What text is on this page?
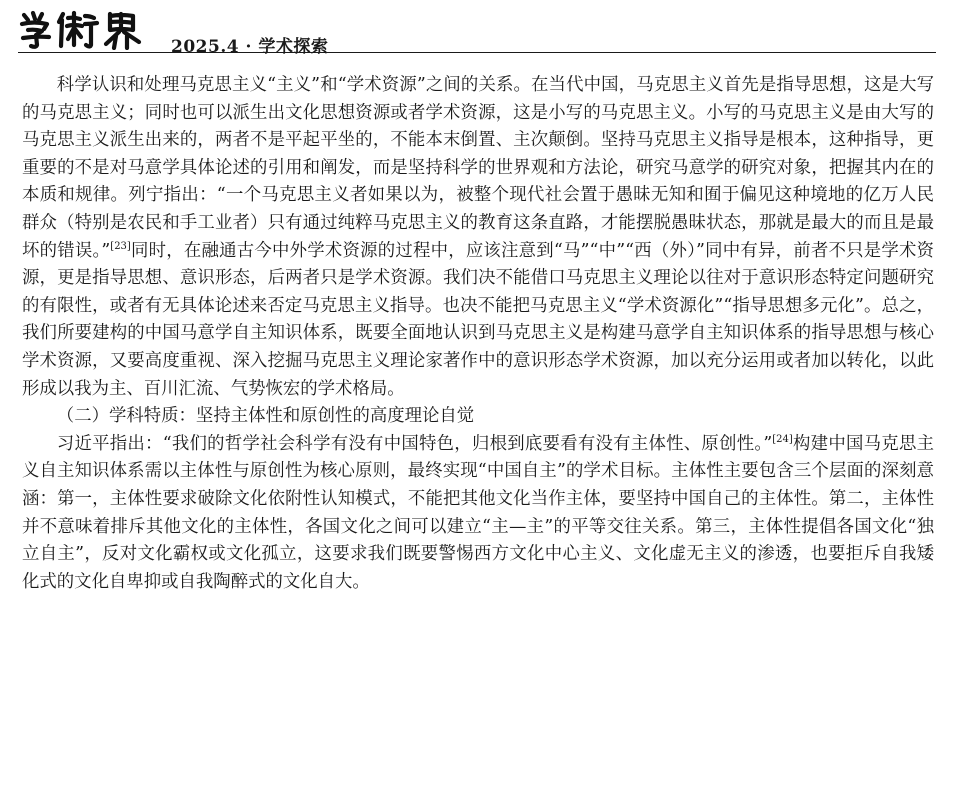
2025.4 · 学术探索

科学认识和处理马克思主义“主义”和“学术资源”之间的关系。在当代中国，马克思主义首先是指导思想，这是大写的马克思主义；同时也可以派生出文化思想资源或者学术资源，这是小写的马克思主义。小写的马克思主义是由大写的马克思主义派生出来的，两者不是平起平坐的，不能本末倒置、主次颠倒。坚持马克思主义指导是根本，这种指导，更重要的不是对马意学具体论述的引用和阐发，而是坚持科学的世界观和方法论，研究马意学的研究对象，把握其内在的本质和规律。列宁指出：“一个马克思主义者如果以为，被整个现代社会置于愚昧无知和囿于偏见这种境地的亿万人民群众（特别是农民和手工业者）只有通过纯粹马克思主义的教育这条直路，才能摆脱愚昧状态，那就是最大的而且是最坏的错误。”[23]同时，在融通古今中外学术资源的过程中，应该注意到“马”“中”“西（外）”同中有异，前者不只是学术资源，更是指导思想、意识形态，后两者只是学术资源。我们决不能借口马克思主义理论以往对于意识形态特定问题研究的有限性，或者有无具体论述来否定马克思主义指导。也决不能把马克思主义“学术资源化”“指导思想多元化”。总之，我们所要建构的中国马意学自主知识体系，既要全面地认识到马克思主义是构建马意学自主知识体系的指导思想与核心学术资源，又要高度重视、深入挖掘马克思主义理论家著作中的意识形态学术资源，加以充分运用或者加以转化，以此形成以我为主、百川汇流、气势恢宏的学术格局。

（二）学科特质：坚持主体性和原创性的高度理论自觉

习近平指出：“我们的哲学社会科学有没有中国特色，归根到底要看有没有主体性、原创性。”[24]构建中国马克思主义自主知识体系需以主体性与原创性为核心原则，最终实现“中国自主”的学术目标。主体性主要包含三个层面的深刻意涵：第一，主体性要求破除文化依附性认知模式，不能把其他文化当作主体，要坚持中国自己的主体性。第二，主体性并不意味着排斥其他文化的主体性，各国文化之间可以建立“主—主”的平等交往关系。第三，主体性提倡各国文化“独立自主”，反对文化霸权或文化孤立，这要求我们既要警惕西方文化中心主义、文化虚无主义的渗透，也要拒斥自我矮化式的文化自卑抑或自我陶醉式的文化自大。
